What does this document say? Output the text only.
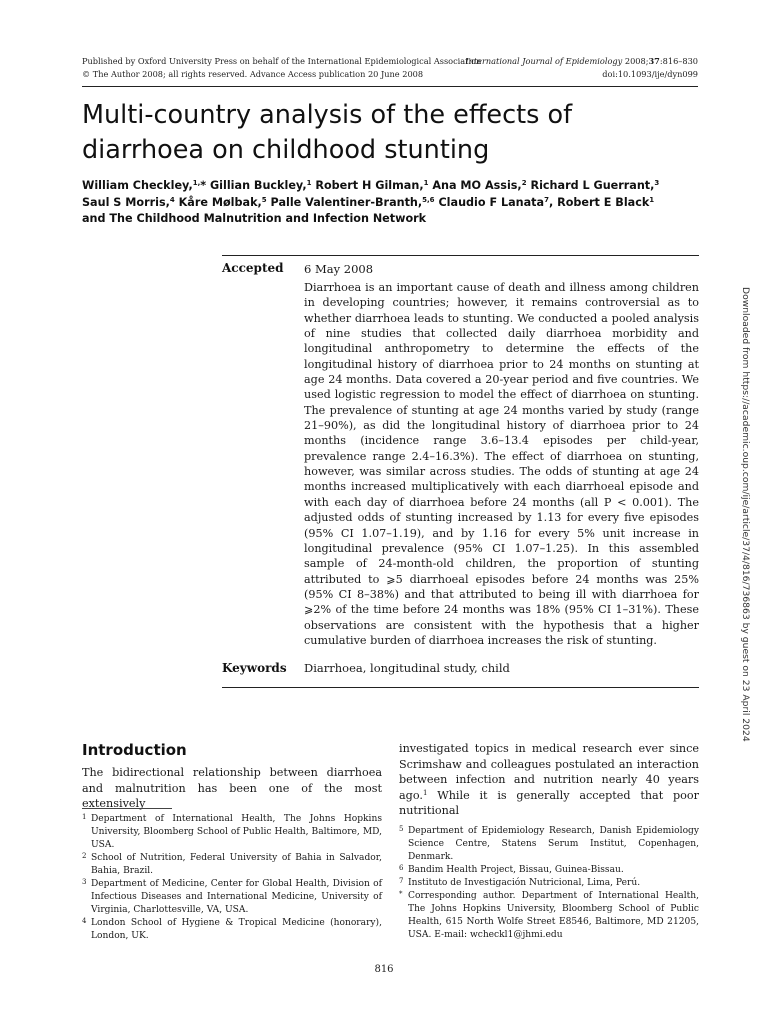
Published by Oxford University Press on behalf of the International Epidemiological Association
© The Author 2008; all rights reserved. Advance Access publication 20 June 2008
International Journal of Epidemiology 2008;37:816–830
doi:10.1093/ije/dyn099
Multi-country analysis of the effects of diarrhoea on childhood stunting
William Checkley,$^{1,}$* Gillian Buckley,$^1$ Robert H Gilman,$^1$ Ana MO Assis,$^2$ Richard L Guerrant,$^3$
Saul S Morris,$^4$ Kåre Mølbak,$^5$ Palle Valentiner-Branth,$^{5,6}$ Claudio F Lanata$^7$, Robert E Black$^1$
and The Childhood Malnutrition and Infection Network
Accepted 6 May 2008

Diarrhoea is an important cause of death and illness among children in developing countries; however, it remains controversial as to whether diarrhoea leads to stunting. We conducted a pooled analysis of nine studies that collected daily diarrhoea morbidity and longitudinal anthropometry to determine the effects of the longitudinal history of diarrhoea prior to 24 months on stunting at age 24 months. Data covered a 20-year period and five countries. We used logistic regression to model the effect of diarrhoea on stunting. The prevalence of stunting at age 24 months varied by study (range 21–90%), as did the longitudinal history of diarrhoea prior to 24 months (incidence range 3.6–13.4 episodes per child-year, prevalence range 2.4–16.3%). The effect of diarrhoea on stunting, however, was similar across studies. The odds of stunting at age 24 months increased multiplicatively with each diarrhoeal episode and with each day of diarrhoea before 24 months (all P < 0.001). The adjusted odds of stunting increased by 1.13 for every five episodes (95% CI 1.07–1.19), and by 1.16 for every 5% unit increase in longitudinal prevalence (95% CI 1.07–1.25). In this assembled sample of 24-month-old children, the proportion of stunting attributed to ⩾5 diarrhoeal episodes before 24 months was 25% (95% CI 8–38%) and that attributed to being ill with diarrhoea for ⩾2% of the time before 24 months was 18% (95% CI 1–31%). These observations are consistent with the hypothesis that a higher cumulative burden of diarrhoea increases the risk of stunting.

Keywords Diarrhoea, longitudinal study, child	Downloaded from https://academic.oup.com/ije/article/37/4/816/736863 by guest on 23 April 2024
Introduction

The bidirectional relationship between diarrhoea and malnutrition has been one of the most extensively

investigated topics in medical research ever since Scrimshaw and colleagues postulated an interaction between infection and nutrition nearly 40 years ago.$^1$ While it is generally accepted that poor nutritional

1 Department of International Health, The Johns Hopkins University, Bloomberg School of Public Health, Baltimore, MD, USA.
2 School of Nutrition, Federal University of Bahia in Salvador, Bahia, Brazil.
3 Department of Medicine, Center for Global Health, Division of Infectious Diseases and International Medicine, University of Virginia, Charlottesville, VA, USA.
4 London School of Hygiene & Tropical Medicine (honorary), London, UK.
5 Department of Epidemiology Research, Danish Epidemiology Science Centre, Statens Serum Institut, Copenhagen, Denmark.
6 Bandim Health Project, Bissau, Guinea-Bissau.
7 Instituto de Investigación Nutricional, Lima, Perú.
* Corresponding author. Department of International Health, The Johns Hopkins University, Bloomberg School of Public Health, 615 North Wolfe Street E8546, Baltimore, MD 21205, USA. E-mail: wcheckl1@jhmi.edu
816
